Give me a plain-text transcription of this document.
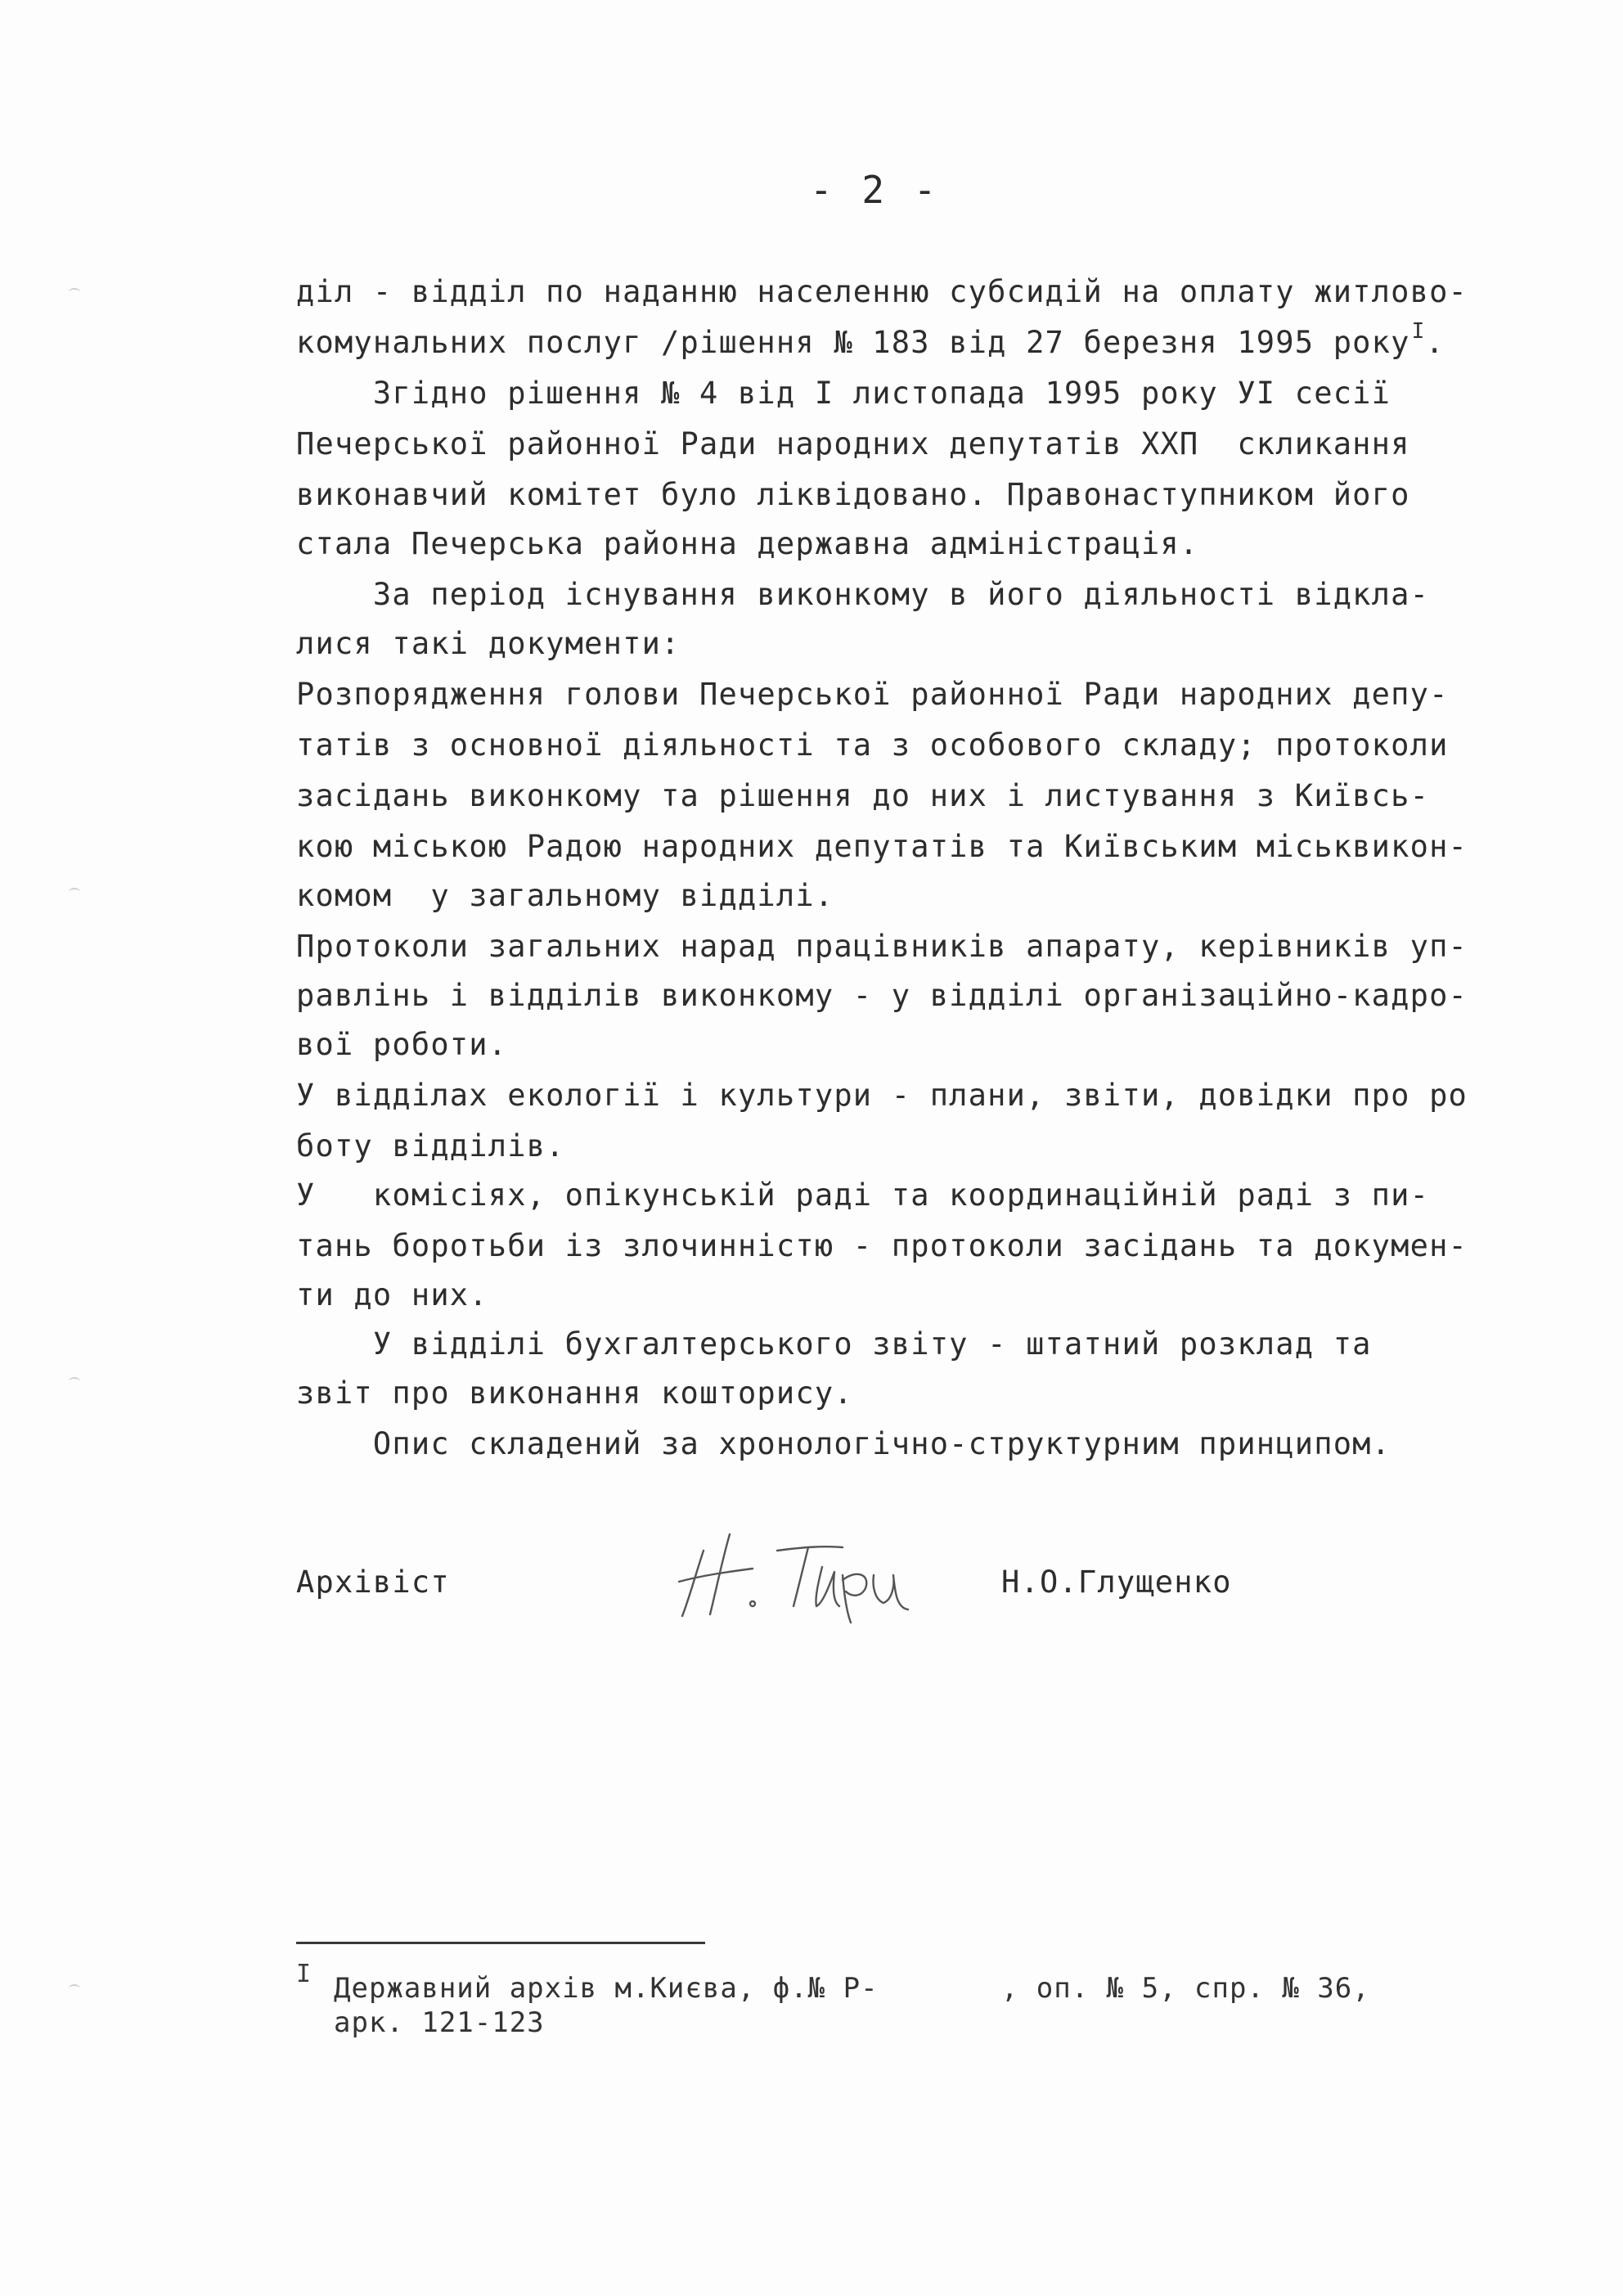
- 2 -
діл - відділ по наданню населенню субсидій на оплату житлово-
комунальних послуг /рішення № 183 від 27 березня 1995 року$^I$.
Згідно рішення № 4 від I листопада 1995 року УI сесії
Печерської районної Ради народних депутатів ХХП  скликання
виконавчий комітет було ліквідовано. Правонаступником його
стала Печерська районна державна адміністрація.
За період існування виконкому в його діяльності відкла-
лися такі документи:
Розпорядження голови Печерської районної Ради народних депу-
татів з основної діяльності та з особового складу; протоколи
засідань виконкому та рішення до них і листування з Київсь-
кою міською Радою народних депутатів та Київським міськвикон-
комом  у загальному відділі.
Протоколи загальних нарад працівників апарату, керівників уп-
равлінь і відділів виконкому - у відділі організаційно-кадро-
вої роботи.
У відділах екології і культури - плани, звіти, довідки про ро
боту відділів.
У   комісіях, опікунській раді та координаційній раді з пи-
тань боротьби із злочинністю - протоколи засідань та докумен-
ти до них.
У відділі бухгалтерського звіту - штатний розклад та
звіт про виконання кошторису.
Опис складений за хронологічно-структурним принципом.
Архівіст	Н.О.Глущенко
I Державний архів м.Києва, ф.№ Р-       , оп. № 5, спр. № 36,
арк. 121-123
